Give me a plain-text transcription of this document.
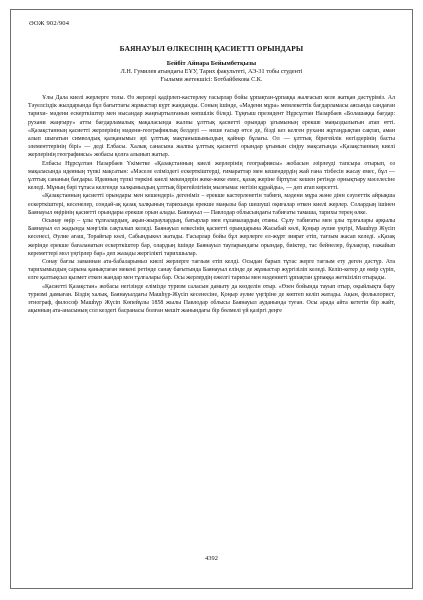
ӘОЖ 902/904
БАЯНАУЫЛ ӨЛКЕСІНІҢ ҚАСИЕТТІ ОРЫНДАРЫ
Бейбіт Айнара Бейымбетқызы
Л.Н. Гумилев атындағы ЕҰУ, Тарих факультеті, АЭ-31 тобы студенті
Ғылыми жетекшісі: Ботбайбекова С.К.

Ұлы Дала киелі жерлерге толы. Өз жерлері қадірлеп-кастерлеу ғасырлар бойы ұрпақтан-ұрпаққа жалғасып келе жатқан дәстүріміз. Ал Тәуелсіздік жылдарында бұл бағыттағы жұмыстар күрт жанданды. Соның ішінде, «Мәдени мұра» мемлекеттік бағдарламасы аясында сандаған тарихи- мәдени ескерткіштер мен нысандар жаңғыртылғанын көпшілік біледі. Тұңғыш президент Нұрсұлтан Назарбаев «Болашаққа бағдар: рухани жаңғыру» атты бағдарламалық мақаласында жалпы ұлттық қасиетті орындар ұғымының ерекше маңыздылығын атап өтті. «Қазақстанның қасиетті жерлерінің мәдени-географиялық белдеуі — нешe ғасыр өтсе де, бізді кез келген рухани жұтаңдықтан сақтап, аман алып шығатын символдық қалқанымыз әрі ұлттық мақтанышымыздың қайнар бұлағы. Ол — ұлттық бірегейлік негіздерінің басты элементтерінің бірі» — деді Елбасы. Халық санасына жалпы ұлттық қасиетті орындар ұғымын сіңіру мақсатында «Қазақстанның киелі жерлерінің географиясы» жобасы қолға алынып жатыр.

Елбасы Нұрсұлтан Назарбаев Үкіметке «Қазақстанның киелі жерлерінің географиясы» жобасын әзірлеуді тапсыра отырып, оз мақаласында идеяның түпкі мақсатын: «Мәселе еліміздегі ескерткіштерді, ғимараттар мен кешендердің жай ғана тізбесін жасау емес, бұл — ұлттық сананың бағдары. Идеяның түпкі төркіні киелі мекендерін жеке-жеке емес, қазақ жеріне біртұтас кешен ретінде орнықтыру мәселесіне келеді. Мұның бәрі тұтаса келгенде халқымыздың ұлттық бірегейлігінің мызғымас негізін құрайды», — деп атап көрсетті.

«Қазақстанның қасиетті орындары мен кешендері» дегеніміз – ерекше кастерленетін табиғи, мәдени мұра және дінн сәулеттік айрықша ескерткіштері, кесенелер, сондай-ақ қазақ халқының тарихында ерекше маңызы бар шешуші оқиғалар өткен киелі жерлер. Солардың ішінен Баянауыл өңірінің қасиетті орындары ерекше орын алады. Баянауыл — Павлодар облысындағы табиғаты тамаша, тарихы терең өлке.

Осынау өңір – ұлы тұлғалардың, ақын-жыраулардың, батырлар мен ғұламалардың отаны. Сұлу табиғаты мен ұлы тұлғалары арқылы Баянауыл ел жадында мәңгілік сақталып келеді. Баянауыл өлкесінің қасиетті орындарына Жасыбай көлі, Қоңыр әулие үңгірі, Машһүр Жүсіп кесенесі, Әулие ағаш, Торайғыр көлі, Сабындыкөл жатады. Ғасырлар бойы бұл жерлерге ел-жұрт зиярат етіп, тағзым жасап келеді. «Қазақ жерінде ерекше бағаланатын ескерткіштер бар, олардың ішінде Баянауыл тауларындағы орындар, биіктер, тас бейнелер, бұлақтар, ғажайып кереметтері мол үңгірлер бар» деп жазады жергілікті тарихшылар.

Сонау бағзы заманнан ата-бабаларымыз киелі жерлерге тағзым етіп келді. Осыдан барып тұтас жерге тағзым ету деген дәстүр. Ата тарихымыздың сарына қанықтаған мекені ретінде санау бағытында Баянауыл елінде де жұмыстар жүргізіліп келеді. Келіп-кетер де өмір сүріп, елге қалтықсыз қызмет еткен жандар мен тұлғалары бар. Осы жерлердің ежелгі тарихы мен мәдениеті ұрпақтан ұрпаққа жеткізіліп отырады.

«Қасиетті Қазақстан» жобасы негізінде елімізде туризм саласын дамыту да көзделін отыр. «Өзен бойында тауып отыр, оқыйлықта бару туризмі дамыған. Біздің халық, Баянауылдағы Машһүр-Жүсіп кесенесіне, Қоңыр әулие үңгіріне де көптеп келіп жатады. Ақын, фольклорист, этнограф, философ Машһүр Жүсіп Көпейұлы 1858 жылы Павлодар облысы Баянауыл ауданында туған. Осы арада айта кететін бір жайт, ақынның ата-анасының сол кездегі басpанасы болған мешіт жанындағы бір бөлмелі үй қазіргі деңге

4392
